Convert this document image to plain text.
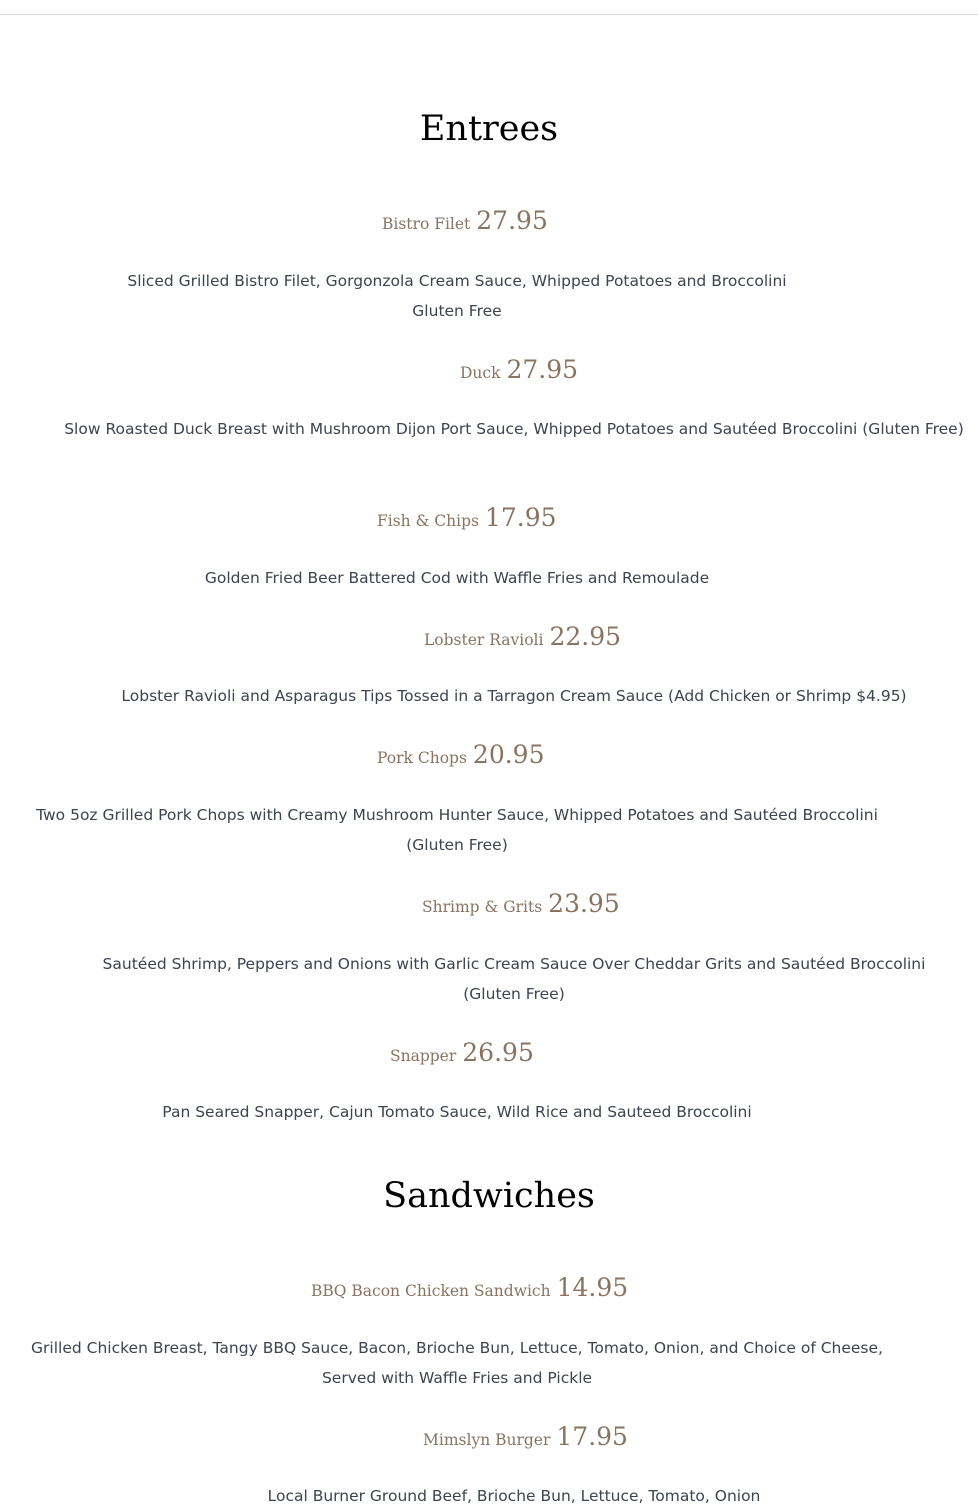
Entrees
Bistro Filet 27.95

Sliced Grilled Bistro Filet, Gorgonzola Cream Sauce, Whipped Potatoes and Broccolini Gluten Free

Duck 27.95

Slow Roasted Duck Breast with Mushroom Dijon Port Sauce, Whipped Potatoes and Sautéed Broccolini (Gluten Free)

Fish & Chips 17.95

Golden Fried Beer Battered Cod with Waffle Fries and Remoulade

Lobster Ravioli 22.95

Lobster Ravioli and Asparagus Tips Tossed in a Tarragon Cream Sauce (Add Chicken or Shrimp $4.95)

Pork Chops 20.95

Two 5oz Grilled Pork Chops with Creamy Mushroom Hunter Sauce, Whipped Potatoes and Sautéed Broccolini (Gluten Free)

Shrimp & Grits 23.95

Sautéed Shrimp, Peppers and Onions with Garlic Cream Sauce Over Cheddar Grits and Sautéed Broccolini (Gluten Free)

Snapper 26.95

Pan Seared Snapper, Cajun Tomato Sauce, Wild Rice and Sauteed Broccolini

Sandwiches
BBQ Bacon Chicken Sandwich 14.95

Grilled Chicken Breast, Tangy BBQ Sauce, Bacon, Brioche Bun, Lettuce, Tomato, Onion, and Choice of Cheese, Served with Waffle Fries and Pickle

Mimslyn Burger 17.95

Local Burner Ground Beef, Brioche Bun, Lettuce, Tomato, Onion
